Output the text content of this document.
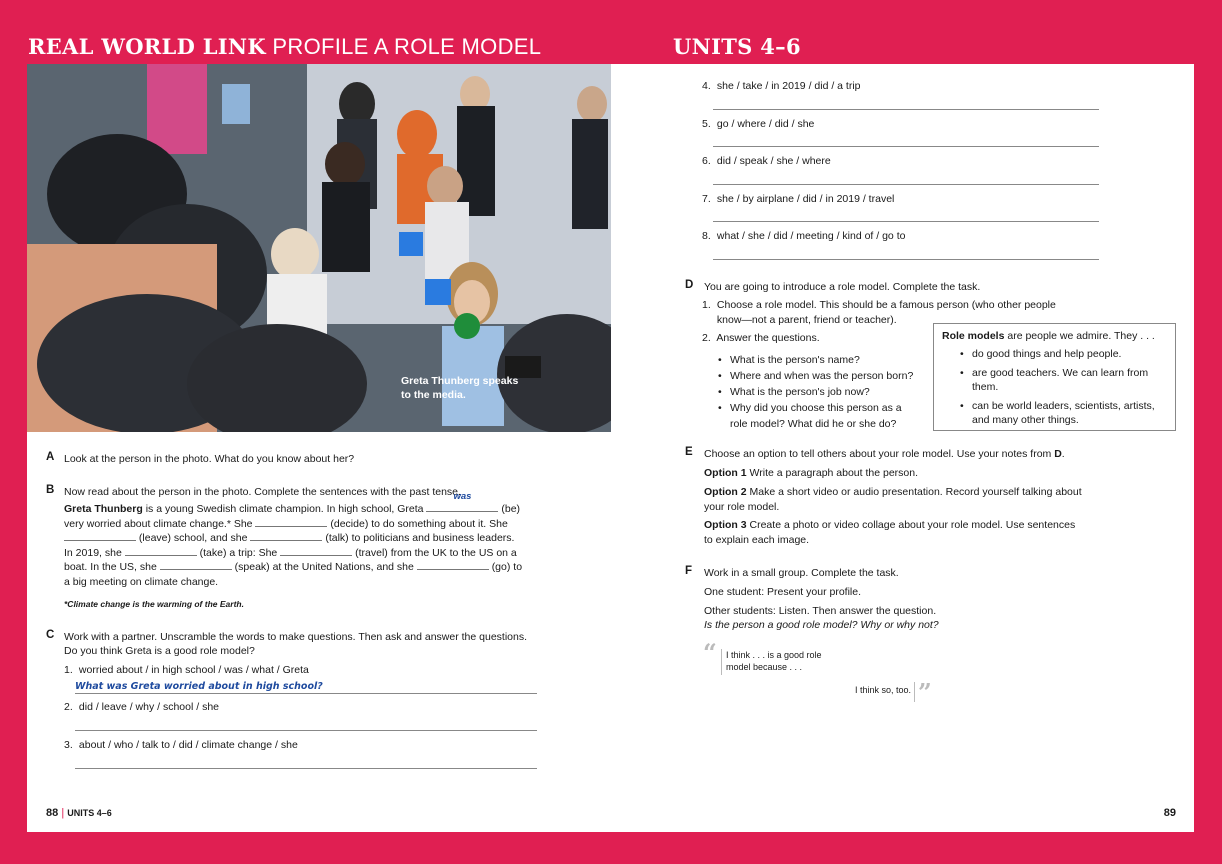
REAL WORLD LINK PROFILE A ROLE MODEL	UNITS 4–6
Greta Thunberg speaks to the media.
A Look at the person in the photo. What do you know about her?
B Now read about the person in the photo. Complete the sentences with the past tense.
Greta Thunberg is a young Swedish climate champion. In high school, Greta
was
(be)
very worried about climate change.* She	(decide) to do something about it. She
(leave) school, and she	(talk) to politicians and business leaders.
In 2019, she	(take) a trip: She	(travel) from the UK to the US on a
boat. In the US, she	(speak) at the United Nations, and she	(go) to
a big meeting on climate change.
*Climate change is the warming of the Earth.
C Work with a partner. Unscramble the words to make questions. Then ask and answer the questions.
Do you think Greta is a good role model?
1. worried about / in high school / was / what / Greta
What was Greta worried about in high school?
2. did / leave / why / school / she
3. about / who / talk to / did / climate change / she
88 | UNITS 4–6
4. she / take / in 2019 / did / a trip
5. go / where / did / she
6. did / speak / she / where
7. she / by airplane / did / in 2019 / travel
8. what / she / did / meeting / kind of / go to
D You are going to introduce a role model. Complete the task.
1. Choose a role model. This should be a famous person (who other people
know—not a parent, friend or teacher).
2. Answer the questions.
• What is the person's name?
• Where and when was the person born?
• What is the person's job now?
• Why did you choose this person as a
role model? What did he or she do?
Role models are people we admire. They . . .
• do good things and help people.
• are good teachers. We can learn from
them.
• can be world leaders, scientists, artists,
and many other things.
E Choose an option to tell others about your role model. Use your notes from D.
Option 1 Write a paragraph about the person.
Option 2 Make a short video or audio presentation. Record yourself talking about
your role model.
Option 3 Create a photo or video collage about your role model. Use sentences
to explain each image.
F Work in a small group. Complete the task.
One student: Present your profile.
Other students: Listen. Then answer the question.
Is the person a good role model? Why or why not?
“ I think . . . is a good role
model because . . .
I think so, too. ”
89
